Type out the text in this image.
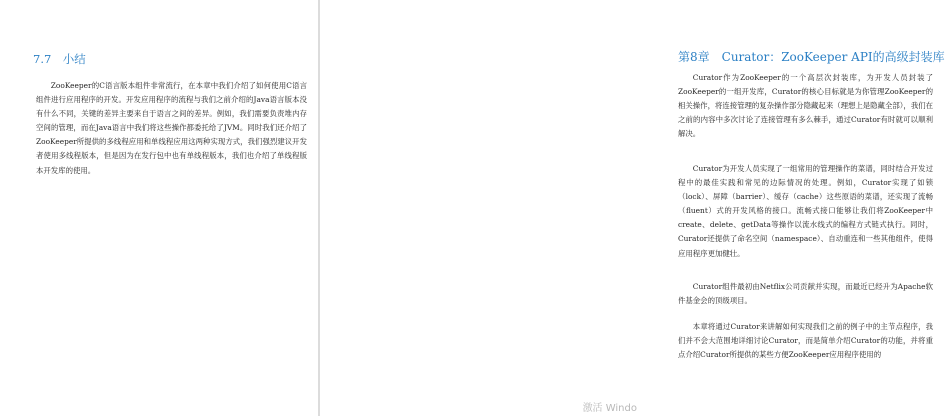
7.7　小结

ZooKeeper的C语言版本组件非常流行，在本章中我们介绍了如何使用C语言组件进行应用程序的开发。开发应用程序的流程与我们之前介绍的Java语言版本没有什么不同，关键的差异主要来自于语言之间的差异。例如，我们需要负责堆内存空间的管理，而在Java语言中我们将这些操作都委托给了JVM。同时我们还介绍了ZooKeeper所提供的多线程应用和单线程应用这两种实现方式，我们强烈建议开发者使用多线程版本，但是因为在发行包中也有单线程版本，我们也介绍了单线程版本开发库的使用。

第8章　Curator：ZooKeeper API的高级封装库

Curator作为ZooKeeper的一个高层次封装库，为开发人员封装了ZooKeeper的一组开发库，Curator的核心目标就是为你管理ZooKeeper的相关操作，将连接管理的复杂操作部分隐藏起来（理想上是隐藏全部），我们在之前的内容中多次讨论了连接管理有多么棘手，通过Curator有时就可以顺利解决。

Curator为开发人员实现了一组常用的管理操作的菜谱，同时结合开发过程中的最佳实践和常见的边际情况的处理。例如，Curator实现了如锁（lock）、屏障（barrier）、缓存（cache）这些原语的菜谱，还实现了流畅（fluent）式的开发风格的接口。流畅式接口能够让我们将ZooKeeper中create、delete、getData等操作以流水线式的编程方式链式执行。同时，Curator还提供了命名空间（namespace）、自动重连和一些其他组件，使得应用程序更加健壮。

Curator组件最初由Netflix公司贡献并实现，而最近已经升为Apache软件基金会的顶级项目。

本章将通过Curator来讲解如何实现我们之前的例子中的主节点程序，我们并不会大范围地详细讨论Curator，而是简单介绍Curator的功能，并将重点介绍Curator所提供的某些方便ZooKeeper应用程序使用的

激活 Windo
